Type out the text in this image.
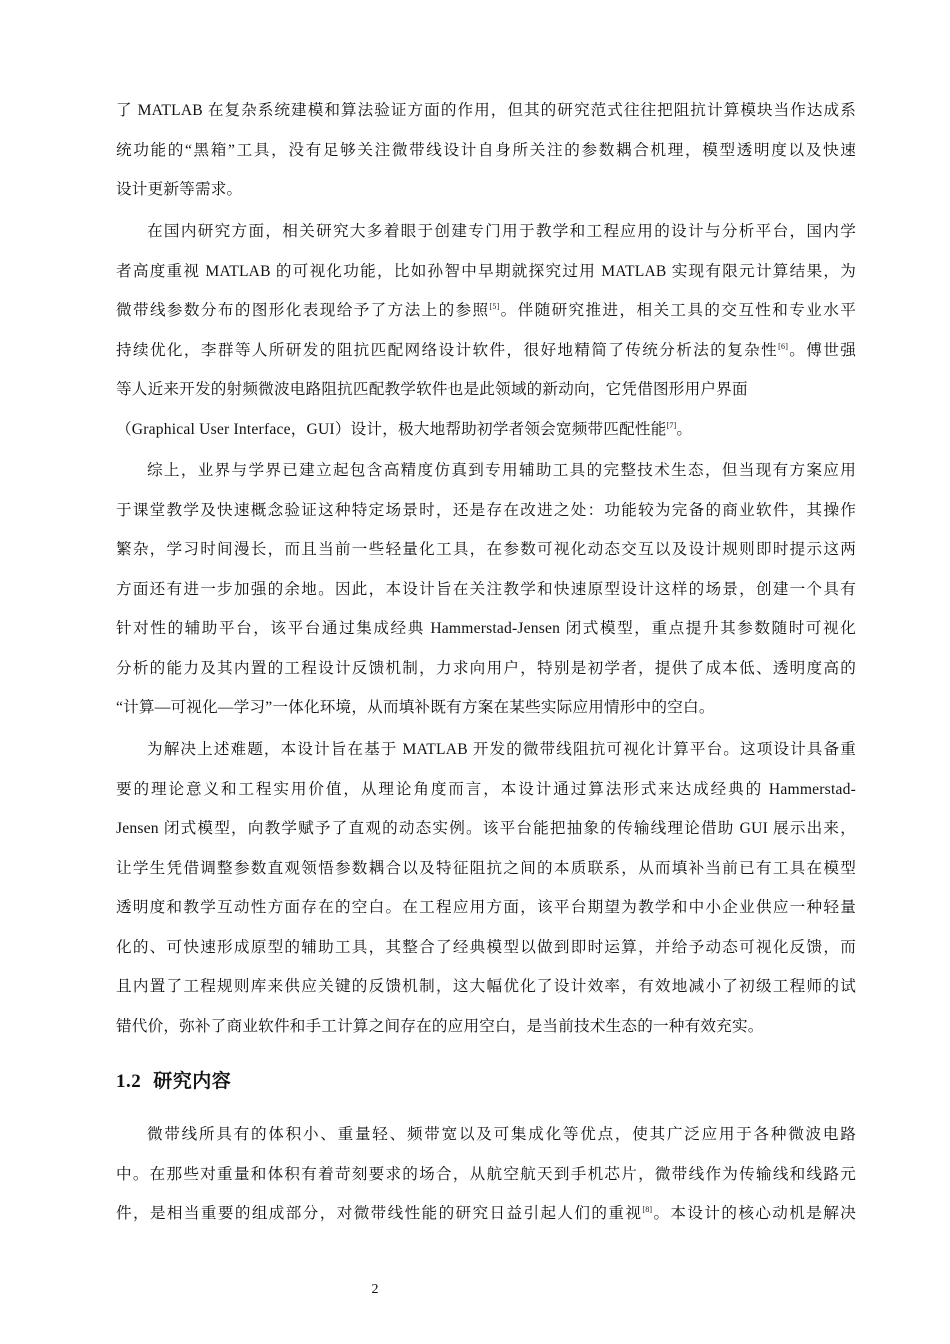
了 MATLAB 在复杂系统建模和算法验证方面的作用，但其的研究范式往往把阻抗计算模块当作达成系
统功能的“黑箱”工具，没有足够关注微带线设计自身所关注的参数耦合机理，模型透明度以及快速
设计更新等需求。
在国内研究方面，相关研究大多着眼于创建专门用于教学和工程应用的设计与分析平台，国内学
者高度重视 MATLAB 的可视化功能，比如孙智中早期就探究过用 MATLAB 实现有限元计算结果，为
微带线参数分布的图形化表现给予了方法上的参照[5]。伴随研究推进，相关工具的交互性和专业水平
持续优化，李群等人所研发的阻抗匹配网络设计软件，很好地精简了传统分析法的复杂性[6]。傅世强
等人近来开发的射频微波电路阻抗匹配教学软件也是此领域的新动向，它凭借图形用户界面
（Graphical User Interface，GUI）设计，极大地帮助初学者领会宽频带匹配性能[7]。
综上，业界与学界已建立起包含高精度仿真到专用辅助工具的完整技术生态，但当现有方案应用
于课堂教学及快速概念验证这种特定场景时，还是存在改进之处：功能较为完备的商业软件，其操作
繁杂，学习时间漫长，而且当前一些轻量化工具，在参数可视化动态交互以及设计规则即时提示这两
方面还有进一步加强的余地。因此，本设计旨在关注教学和快速原型设计这样的场景，创建一个具有
针对性的辅助平台，该平台通过集成经典 Hammerstad-Jensen 闭式模型，重点提升其参数随时可视化
分析的能力及其内置的工程设计反馈机制，力求向用户，特别是初学者，提供了成本低、透明度高的
“计算—可视化—学习”一体化环境，从而填补既有方案在某些实际应用情形中的空白。
为解决上述难题，本设计旨在基于 MATLAB 开发的微带线阻抗可视化计算平台。这项设计具备重
要的理论意义和工程实用价值，从理论角度而言，本设计通过算法形式来达成经典的 Hammerstad-
Jensen 闭式模型，向教学赋予了直观的动态实例。该平台能把抽象的传输线理论借助 GUI 展示出来，
让学生凭借调整参数直观领悟参数耦合以及特征阻抗之间的本质联系，从而填补当前已有工具在模型
透明度和教学互动性方面存在的空白。在工程应用方面，该平台期望为教学和中小企业供应一种轻量
化的、可快速形成原型的辅助工具，其整合了经典模型以做到即时运算，并给予动态可视化反馈，而
且内置了工程规则库来供应关键的反馈机制，这大幅优化了设计效率，有效地减小了初级工程师的试
错代价，弥补了商业软件和手工计算之间存在的应用空白，是当前技术生态的一种有效充实。
1.2 研究内容
微带线所具有的体积小、重量轻、频带宽以及可集成化等优点，使其广泛应用于各种微波电路
中。在那些对重量和体积有着苛刻要求的场合，从航空航天到手机芯片，微带线作为传输线和线路元
件，是相当重要的组成部分，对微带线性能的研究日益引起人们的重视[8]。本设计的核心动机是解决
2
